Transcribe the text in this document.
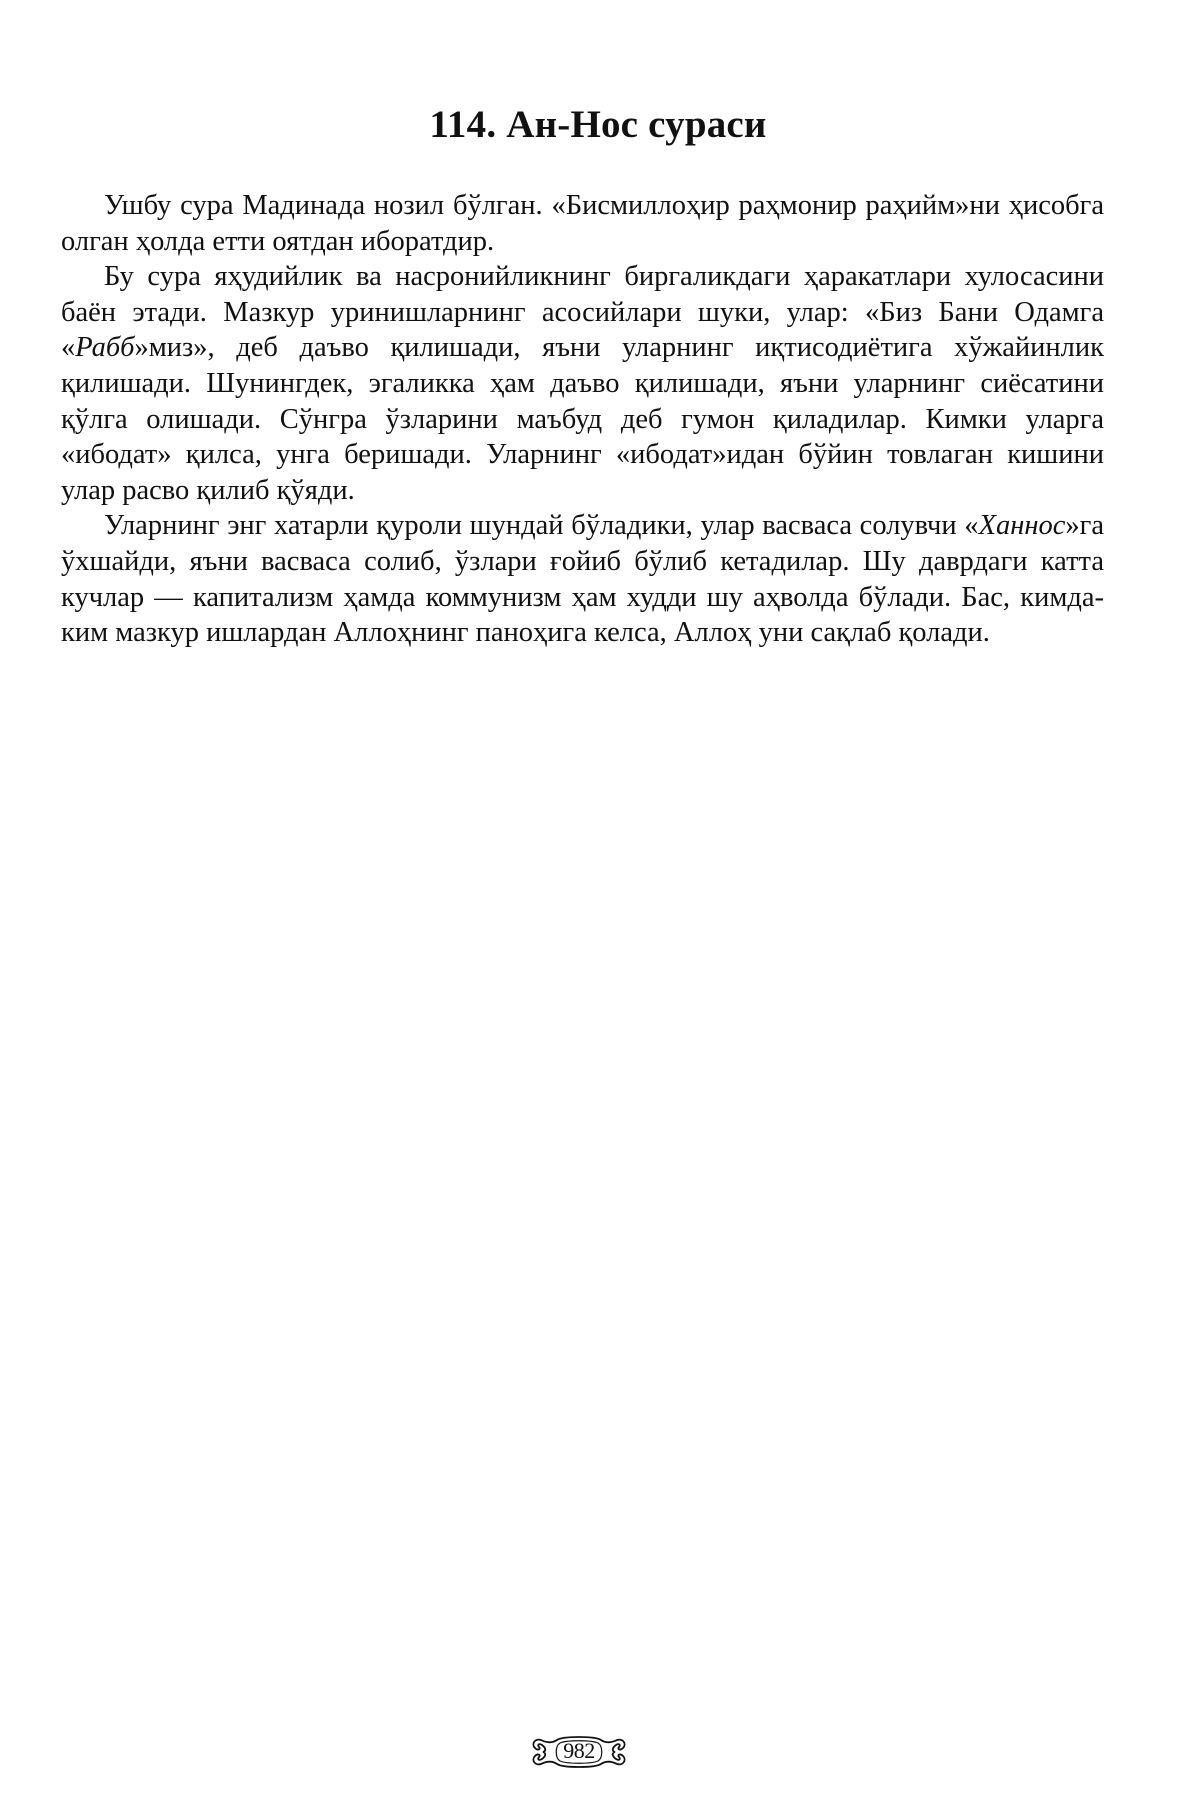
114. Ан-Нос сураси

Ушбу сура Мадинада нозил бўлган. «Бисмиллоҳир раҳмонир раҳийм»ни ҳисобга олган ҳолда етти оятдан иборатдир.

Бу сура яҳудийлик ва насронийликнинг биргаликдаги ҳаракатлари хулосасини баён этади. Мазкур уринишларнинг асосийлари шуки, улар: «Биз Бани Одамга «Рабб»миз», деб даъво қилишади, яъни уларнинг иқтисодиётига хўжайинлик қилишади. Шунингдек, эгаликка ҳам даъво қилишади, яъни уларнинг сиёсатини қўлга олишади. Сўнгра ўзларини маъбуд деб гумон қиладилар. Кимки уларга «ибодат» қилса, унга беришади. Уларнинг «ибодат»идан бўйин товлаган кишини улар расво қилиб қўяди.

Уларнинг энг хатарли қуроли шундай бўладики, улар васваса солувчи «Ханнос»га ўхшайди, яъни васваса солиб, ўзлари ғойиб бўлиб кетадилар. Шу даврдаги катта кучлар — капитализм ҳамда коммунизм ҳам худди шу аҳволда бўлади. Бас, кимда-ким мазкур ишлардан Аллоҳнинг паноҳига келса, Аллоҳ уни сақлаб қолади.

982
